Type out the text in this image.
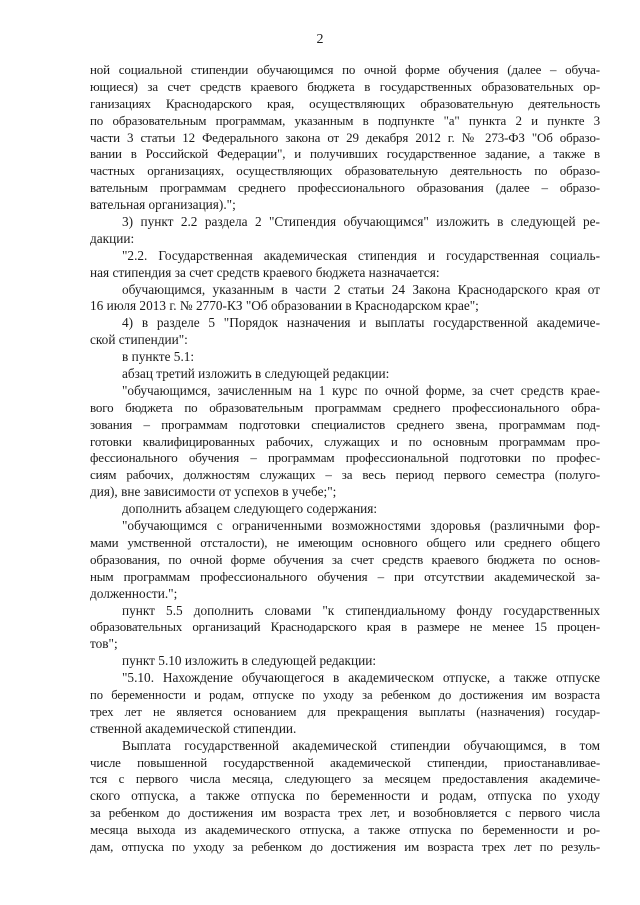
2
ной социальной стипендии обучающимся по очной форме обучения (далее – обуча-
ющиеся) за счет средств краевого бюджета в государственных образовательных ор-
ганизациях Краснодарского края, осуществляющих образовательную деятельность
по образовательным программам, указанным в подпункте "а" пункта 2 и пункте 3
части 3 статьи 12 Федерального закона от 29 декабря 2012 г. № 273-ФЗ "Об образо-
вании в Российской Федерации", и получивших государственное задание, а также в
частных организациях, осуществляющих образовательную деятельность по образо-
вательным программам среднего профессионального образования (далее – образо-
вательная организация).";
3) пункт 2.2 раздела 2 "Стипендия обучающимся" изложить в следующей ре-
дакции:
"2.2. Государственная академическая стипендия и государственная социаль-
ная стипендия за счет средств краевого бюджета назначается:
обучающимся, указанным в части 2 статьи 24 Закона Краснодарского края от
16 июля 2013 г. № 2770-КЗ "Об образовании в Краснодарском крае";
4) в разделе 5 "Порядок назначения и выплаты государственной академиче-
ской стипендии":
в пункте 5.1:
абзац третий изложить в следующей редакции:
"обучающимся, зачисленным на 1 курс по очной форме, за счет средств крае-
вого бюджета по образовательным программам среднего профессионального обра-
зования – программам подготовки специалистов среднего звена, программам под-
готовки квалифицированных рабочих, служащих и по основным программам про-
фессионального обучения – программам профессиональной подготовки по профес-
сиям рабочих, должностям служащих – за весь период первого семестра (полуго-
дия), вне зависимости от успехов в учебе;";
дополнить абзацем следующего содержания:
"обучающимся с ограниченными возможностями здоровья (различными фор-
мами умственной отсталости), не имеющим основного общего или среднего общего
образования, по очной форме обучения за счет средств краевого бюджета по основ-
ным программам профессионального обучения – при отсутствии академической за-
долженности.";
пункт 5.5 дополнить словами "к стипендиальному фонду государственных
образовательных организаций Краснодарского края в размере не менее 15 процен-
тов";
пункт 5.10 изложить в следующей редакции:
"5.10. Нахождение обучающегося в академическом отпуске, а также отпуске
по беременности и родам, отпуске по уходу за ребенком до достижения им возраста
трех лет не является основанием для прекращения выплаты (назначения) государ-
ственной академической стипендии.
Выплата государственной академической стипендии обучающимся, в том
числе повышенной государственной академической стипендии, приостанавливае-
тся с первого числа месяца, следующего за месяцем предоставления академиче-
ского отпуска, а также отпуска по беременности и родам, отпуска по уходу
за ребенком до достижения им возраста трех лет, и возобновляется с первого числа
месяца выхода из академического отпуска, а также отпуска по беременности и ро-
дам, отпуска по уходу за ребенком до достижения им возраста трех лет по резуль-
